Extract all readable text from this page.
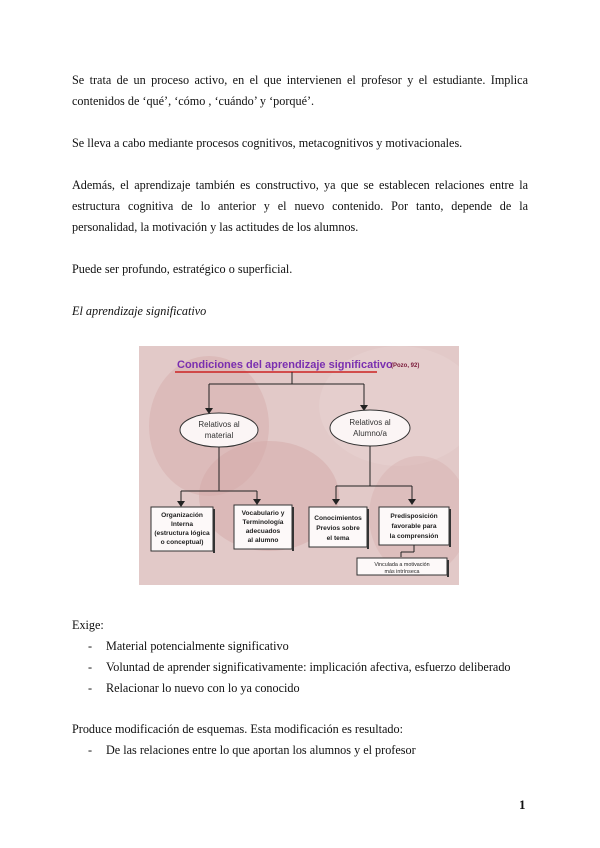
Se trata de un proceso activo, en el que intervienen el profesor y el estudiante. Implica

contenidos de ‘qué’, ‘cómo , ‘cuándo’ y ‘porqué’.

Se lleva a cabo mediante procesos cognitivos, metacognitivos y motivacionales.

Además, el aprendizaje también es constructivo, ya que se establecen relaciones entre la

estructura cognitiva de lo anterior y el nuevo contenido. Por tanto, depende de la

personalidad, la motivación y las actitudes de los alumnos.

Puede ser profundo, estratégico o superficial.

El aprendizaje significativo

Condiciones del aprendizaje significativo
(Pozo, 92)
Relativos al
material
Relativos al
Alumno/a
Organización
Interna
(estructura lógica
o conceptual)
Vocabulario y
Terminología
adecuados
al alumno
Conocimientos
Previos sobre
el tema
Predisposición
favorable para
la comprensión
Vinculada a motivación
más intrínseca

Exige:

- Material potencialmente significativo
- Voluntad de aprender significativamente: implicación afectiva, esfuerzo deliberado
- Relacionar lo nuevo con lo ya conocido

Produce modificación de esquemas. Esta modificación es resultado:

- De las relaciones entre lo que aportan los alumnos y el profesor
1
